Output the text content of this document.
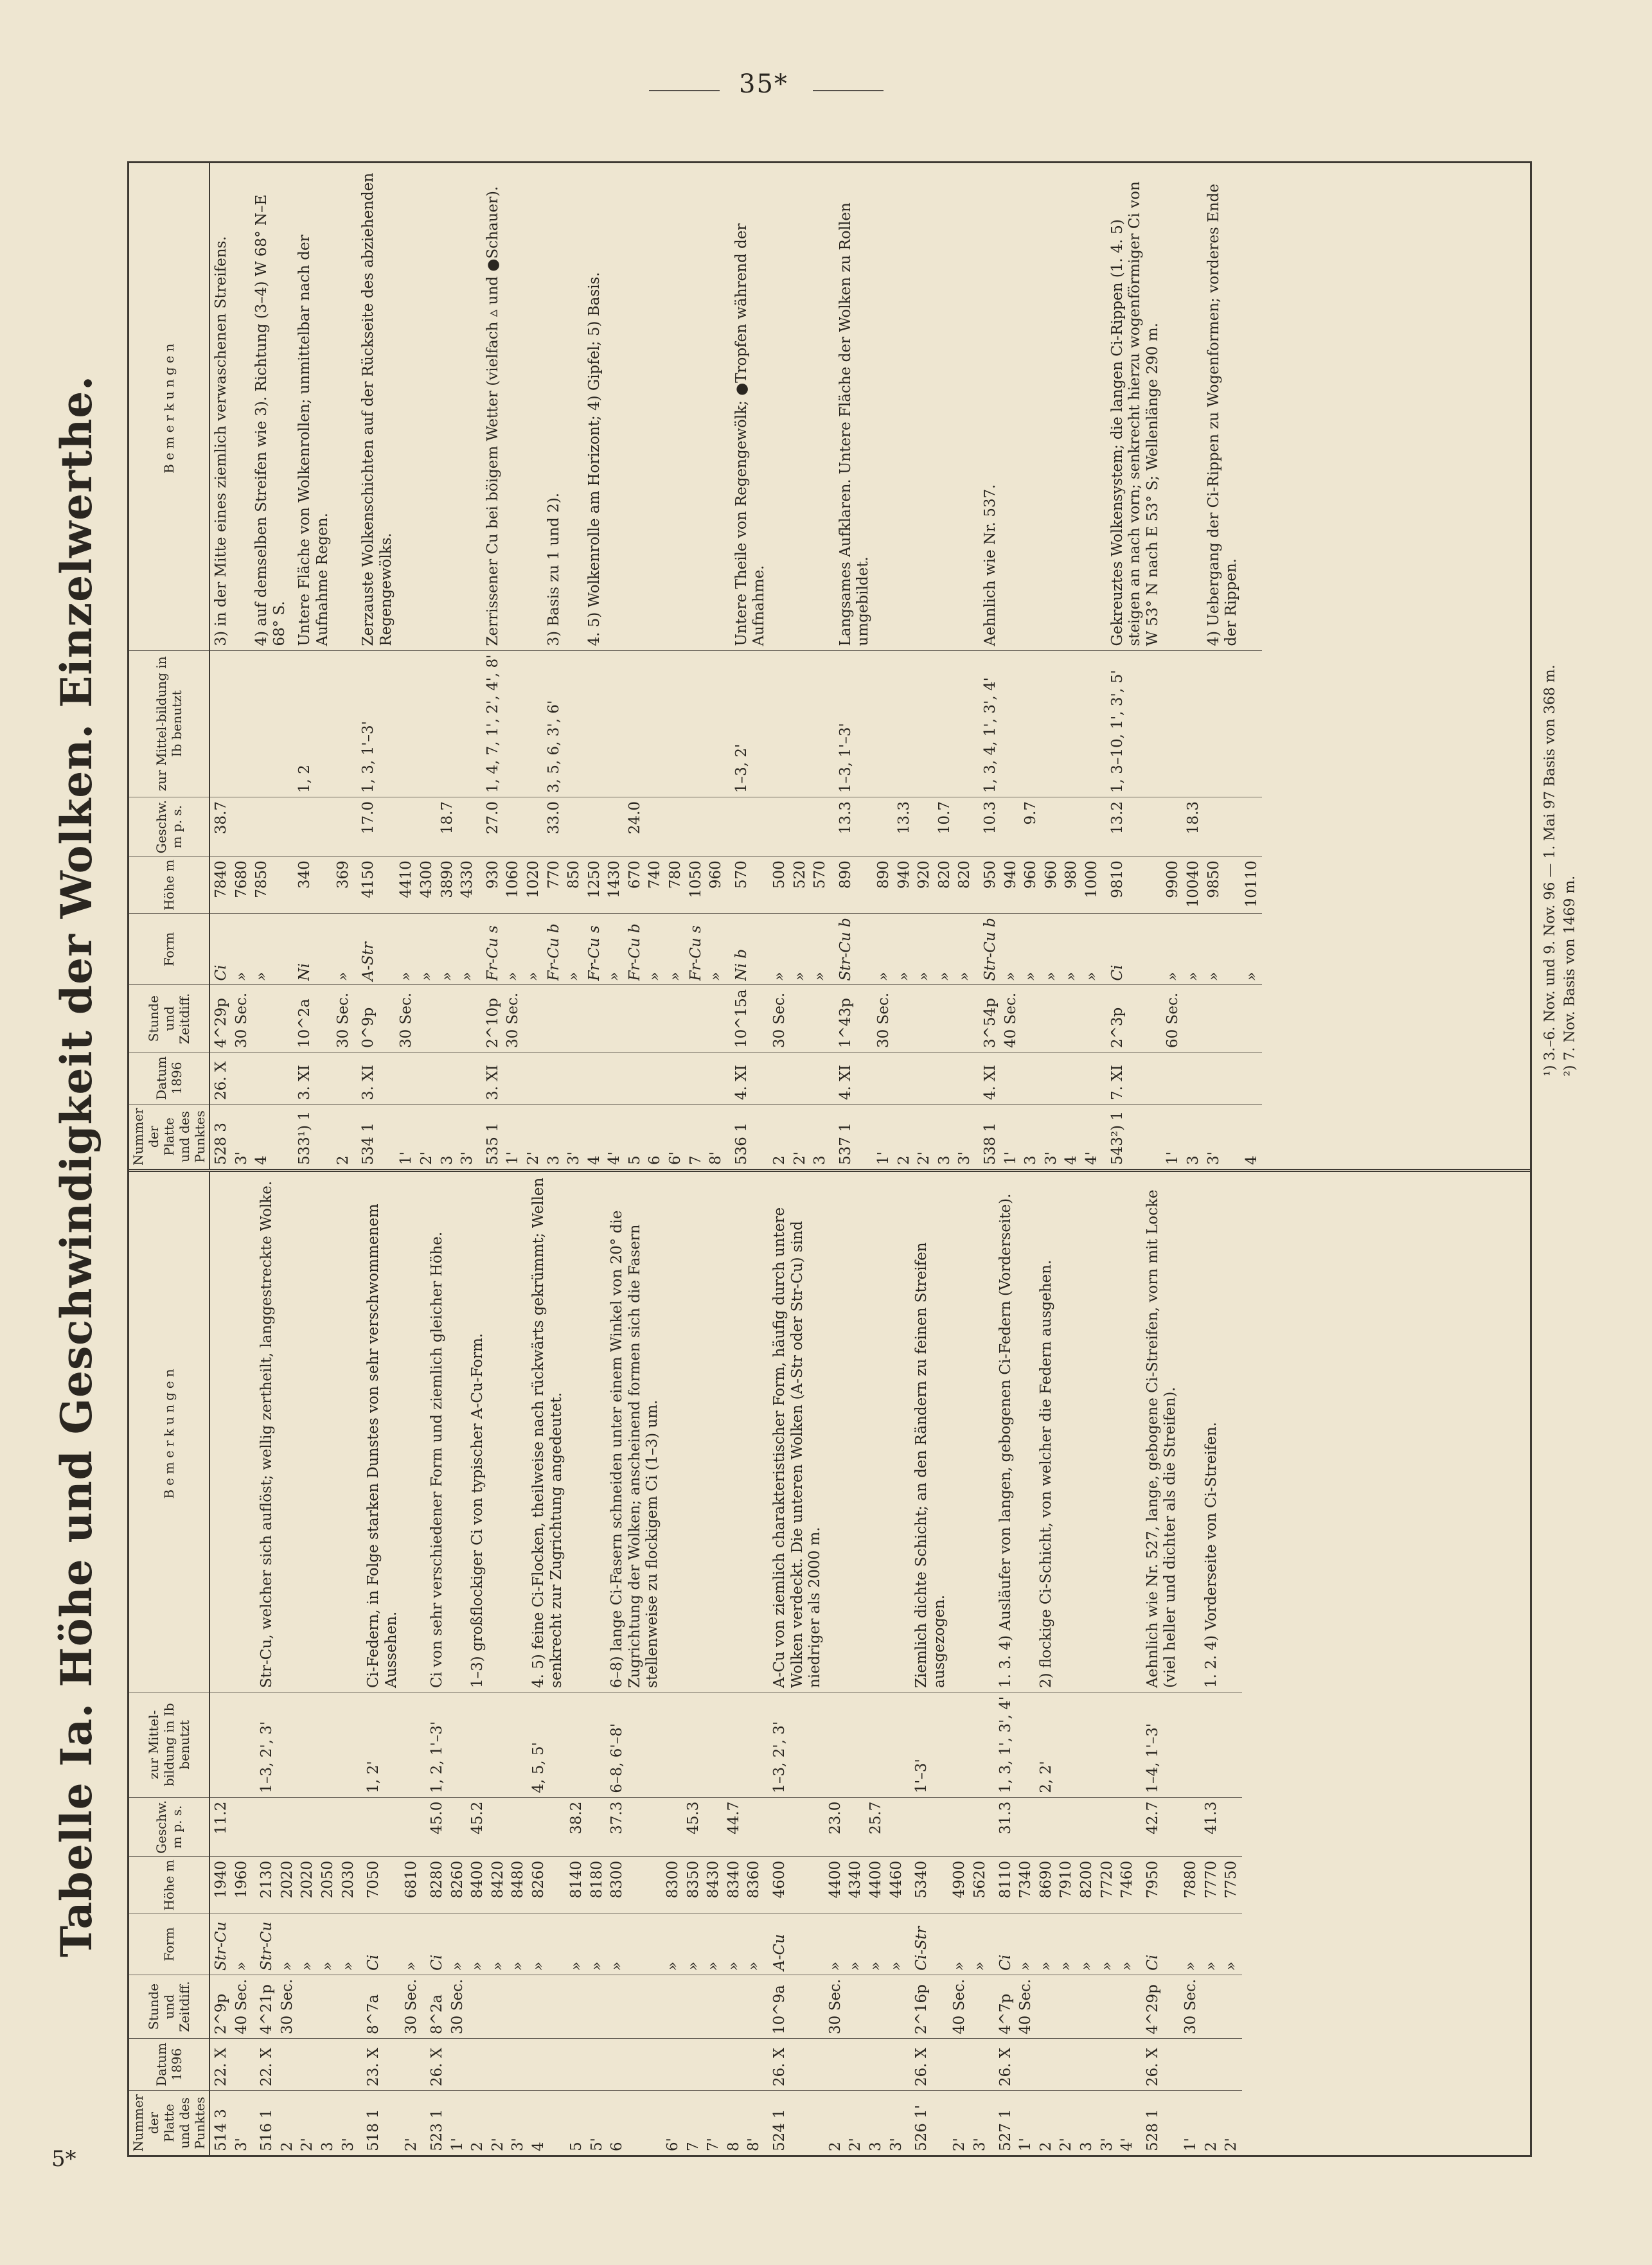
35*
Tabelle Ia. Höhe und Geschwindigkeit der Wolken. Einzelwerthe.
Nummer der Platte und des Punktes	Datum 1896	Stunde und Zeitdiff.	Form	Höhe m	Geschw. m p. s.	zur Mittel-bildung in Ib benutzt	Bemerkungen
514 3	22. X	2^9p	Str-Cu	1940	11.2		
3'		40 Sec.	»	1960			
516 1	22. X	4^21p	Str-Cu	2130		1–3, 2', 3'	Str-Cu, welcher sich auflöst; wellig zertheilt, langgestreckte Wolke.
2		30 Sec.	»	2020			
2'			»	2020			
3			»	2050			
3'			»	2030			
518 1	23. X	8^7a	Ci	7050		1, 2'	Ci-Federn, in Folge starken Dunstes von sehr verschwommenem Aussehen.
2'		30 Sec.	»	6810			
523 1	26. X	8^2a	Ci	8280	45.0	1, 2, 1'–3'	Ci von sehr verschiedener Form und ziemlich gleicher Höhe.
1'		30 Sec.	»	8260			
2			»	8400	45.2		1–3) großflockiger Ci von typischer A-Cu-Form.
2'			»	8420			
3'			»	8480			
4			»	8260		4, 5, 5'	4. 5) feine Ci-Flocken, theilweise nach rückwärts gekrümmt; Wellen senkrecht zur Zugrichtung angedeutet.
5			»	8140	38.2		
5'			»	8180			
6			»	8300	37.3	6–8, 6'–8'	6–8) lange Ci-Fasern schneiden unter einem Winkel von 20° die Zugrichtung der Wolken; anscheinend formen sich die Fasern stellenweise zu flockigem Ci (1–3) um.
6'			»	8300			
7			»	8350	45.3		
7'			»	8430			
8			»	8340	44.7		
8'			»	8360			
524 1	26. X	10^9a	A-Cu	4600		1–3, 2', 3'	A-Cu von ziemlich charakteristischer Form, häufig durch untere Wolken verdeckt. Die unteren Wolken (A-Str oder Str-Cu) sind niedriger als 2000 m.
2		30 Sec.	»	4400	23.0		
2'			»	4340			
3			»	4400	25.7		
3'			»	4460			
526 1'	26. X	2^16p	Ci-Str	5340		1'–3'	Ziemlich dichte Schicht; an den Rändern zu feinen Streifen ausgezogen.
2'		40 Sec.	»	4900			
3'			»	5620			
527 1	26. X	4^7p	Ci	8110	31.3	1, 3, 1', 3', 4'	1. 3. 4) Ausläufer von langen, gebogenen Ci-Federn (Vorderseite).
1'		40 Sec.	»	7340			
2			»	8690		2, 2'	2) flockige Ci-Schicht, von welcher die Federn ausgehen.
2'			»	7910			
3			»	8200			
3'			»	7720			
4'			»	7460			
528 1	26. X	4^29p	Ci	7950	42.7	1–4, 1'–3'	Aehnlich wie Nr. 527, lange, gebogene Ci-Streifen, vorn mit Locke (viel heller und dichter als die Streifen).
1'		30 Sec.	»	7880			
2			»	7770	41.3		1. 2. 4) Vorderseite von Ci-Streifen.
2'			»	7750			
Nummer der Platte und des Punktes	Datum 1896	Stunde und Zeitdiff.	Form	Höhe m	Geschw. m p. s.	zur Mittel-bildung in Ib benutzt	Bemerkungen
528 3	26. X	4^29p	Ci	7840	38.7		3) in der Mitte eines ziemlich verwaschenen Streifens.
3'		30 Sec.	»	7680			
4			»	7850			4) auf demselben Streifen wie 3). Richtung (3–4) W 68° N–E 68° S.
533¹) 1	3. XI	10^2a	Ni	340		1, 2	Untere Fläche von Wolkenrollen; unmittelbar nach der Aufnahme Regen.
2		30 Sec.	»	369			
534 1	3. XI	0^9p	A-Str	4150	17.0	1, 3, 1'–3'	Zerzauste Wolkenschichten auf der Rückseite des abziehenden Regengewölks.
1'		30 Sec.	»	4410			
2'			»	4300			
3			»	3890	18.7		
3'			»	4330			
535 1	3. XI	2^10p	Fr-Cu s	930	27.0	1, 4, 7, 1', 2', 4', 8'	Zerrissener Cu bei böigem Wetter (vielfach ▵ und ●Schauer).
1'		30 Sec.	»	1060			
2'			»	1020			
3			Fr-Cu b	770	33.0	3, 5, 6, 3', 6'	3) Basis zu 1 und 2).
3'			»	850			
4			Fr-Cu s	1250			4. 5) Wolkenrolle am Horizont; 4) Gipfel; 5) Basis.
4'			»	1430			
5			Fr-Cu b	670	24.0		
6			»	740			
6'			»	780			
7			Fr-Cu s	1050			
8'			»	960			
536 1	4. XI	10^15a	Ni b	570		1–3, 2'	Untere Theile von Regengewölk; ●Tropfen während der Aufnahme.
2		30 Sec.	»	500			
2'			»	520			
3			»	570			
537 1	4. XI	1^43p	Str-Cu b	890	13.3	1–3, 1'–3'	Langsames Aufklaren. Untere Fläche der Wolken zu Rollen umgebildet.
1'		30 Sec.	»	890			
2			»	940	13.3		
2'			»	920			
3			»	820	10.7		
3'			»	820			
538 1	4. XI	3^54p	Str-Cu b	950	10.3	1, 3, 4, 1', 3', 4'	Aehnlich wie Nr. 537.
1'		40 Sec.	»	940			
3			»	960	9.7		
3'			»	960			
4			»	980			
4'			»	1000			
543²) 1	7. XI	2^3p	Ci	9810	13.2	1, 3–10, 1', 3', 5'	Gekreuztes Wolkensystem; die langen Ci-Rippen (1. 4. 5) steigen an nach vorn; senkrecht hierzu wogenförmiger Ci von W 53° N nach E 53° S; Wellenlänge 290 m.
1'		60 Sec.	»	9900			
3			»	10040	18.3		
3'			»	9850			4) Uebergang der Ci-Rippen zu Wogenformen; vorderes Ende der Rippen.
4			»	10110				¹) 3.–6. Nov. und 9. Nov. 96 — 1. Mai 97 Basis von 368 m. ²) 7. Nov. Basis von 1469 m.
5*
